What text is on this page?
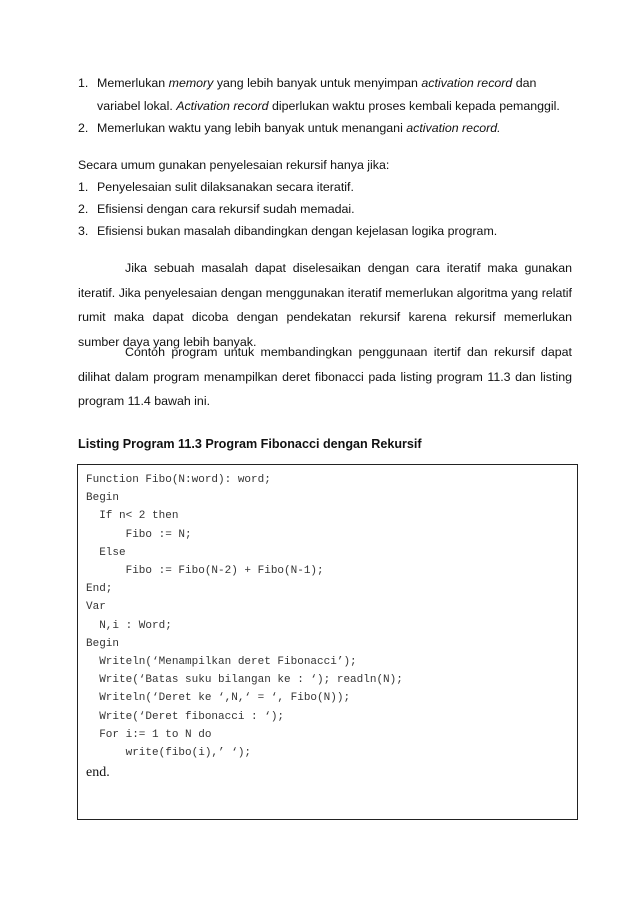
1. Memerlukan memory yang lebih banyak untuk menyimpan activation record dan variabel lokal. Activation record diperlukan waktu proses kembali kepada pemanggil.
2. Memerlukan waktu yang lebih banyak untuk menangani activation record.

Secara umum gunakan penyelesaian rekursif hanya jika:

1. Penyelesaian sulit dilaksanakan secara iteratif.
2. Efisiensi dengan cara rekursif sudah memadai.
3. Efisiensi bukan masalah dibandingkan dengan kejelasan logika program.

Jika sebuah masalah dapat diselesaikan dengan cara iteratif maka gunakan iteratif. Jika penyelesaian dengan menggunakan iteratif memerlukan algoritma yang relatif rumit maka dapat dicoba dengan pendekatan rekursif karena rekursif memerlukan sumber daya yang lebih banyak.

Contoh program untuk membandingkan penggunaan itertif dan rekursif dapat dilihat dalam program menampilkan deret fibonacci pada listing program 11.3 dan listing program 11.4 bawah ini.

Listing Program 11.3 Program Fibonacci dengan Rekursif
Function Fibo(N:word): word;
Begin
If n< 2 then
Fibo := N;
Else
Fibo := Fibo(N-2) + Fibo(N-1);
End;
Var
N,i : Word;
Begin
Writeln(‘Menampilkan deret Fibonacci’);
Write(‘Batas suku bilangan ke : ‘); readln(N);
Writeln(‘Deret ke ‘,N,‘ = ‘, Fibo(N));
Write(‘Deret fibonacci : ‘);
For i:= 1 to N do
write(fibo(i),’ ‘);
end.
